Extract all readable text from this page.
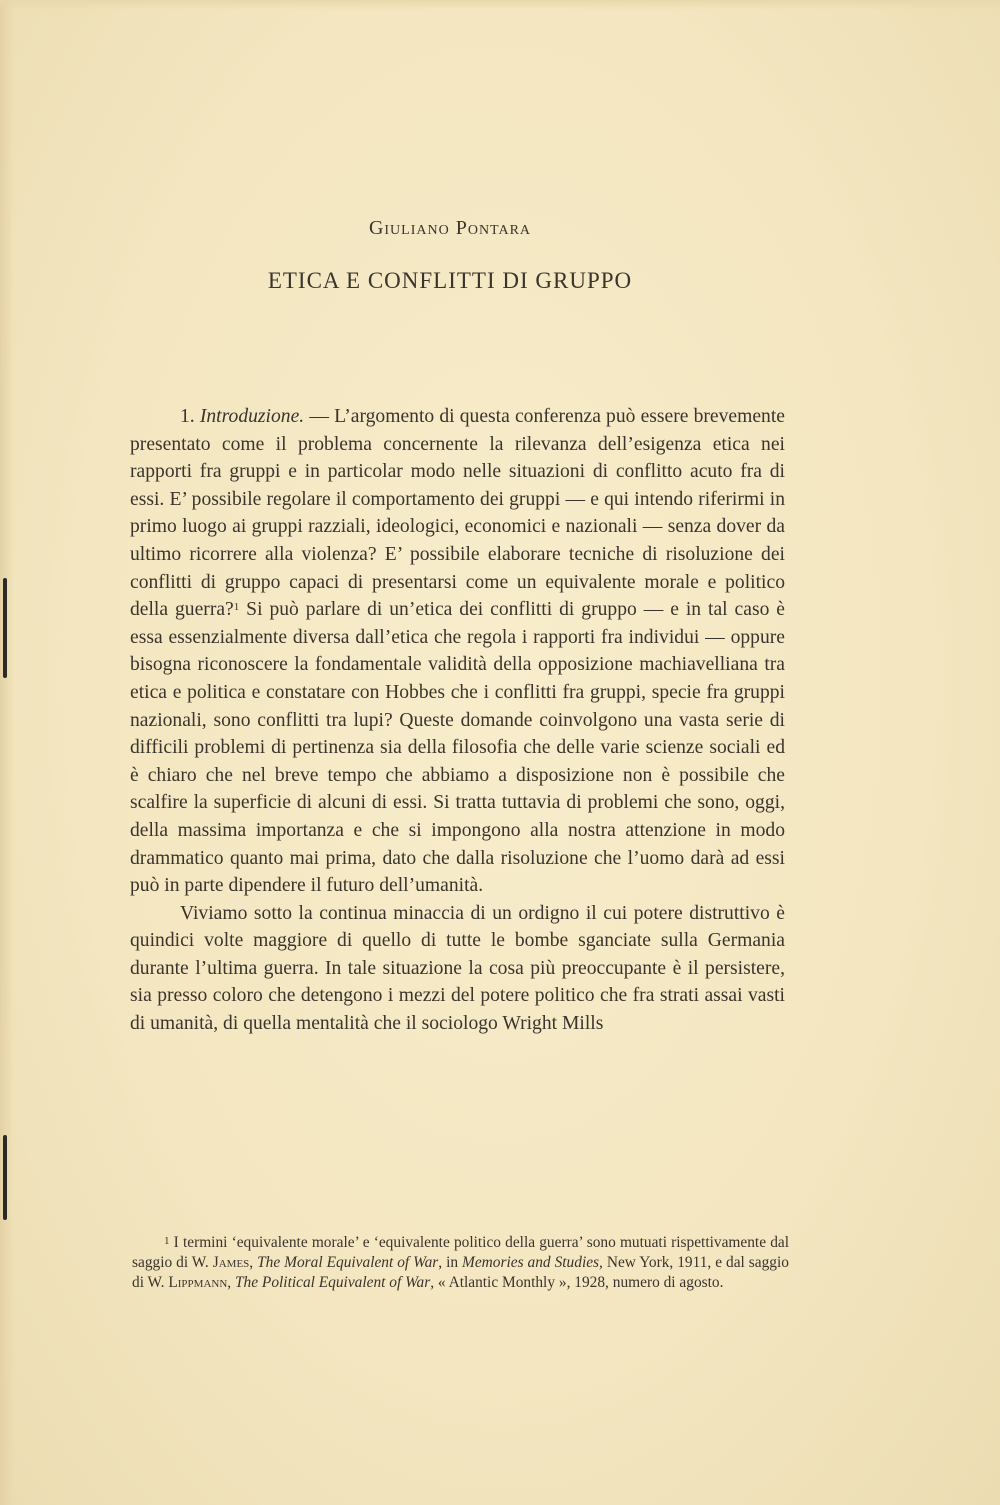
Giuliano Pontara
ETICA E CONFLITTI DI GRUPPO

1. Introduzione. — L’argomento di questa conferenza può essere brevemente presentato come il problema concernente la rilevanza dell’esigenza etica nei rapporti fra gruppi e in particolar modo nelle situazioni di conflitto acuto fra di essi. E’ possibile regolare il comportamento dei gruppi — e qui intendo riferirmi in primo luogo ai gruppi razziali, ideologici, economici e nazionali — senza dover da ultimo ricorrere alla violenza? E’ possibile elaborare tecniche di risoluzione dei conflitti di gruppo capaci di presentarsi come un equivalente morale e politico della guerra?$^1$ Si può parlare di un’etica dei conflitti di gruppo — e in tal caso è essa essenzialmente diversa dall’etica che regola i rapporti fra individui — oppure bisogna riconoscere la fondamentale validità della opposizione machiavelliana tra etica e politica e constatare con Hobbes che i conflitti fra gruppi, specie fra gruppi nazionali, sono conflitti tra lupi? Queste domande coinvolgono una vasta serie di difficili problemi di pertinenza sia della filosofia che delle varie scienze sociali ed è chiaro che nel breve tempo che abbiamo a disposizione non è possibile che scalfire la superficie di alcuni di essi. Si tratta tuttavia di problemi che sono, oggi, della massima importanza e che si impongono alla nostra attenzione in modo drammatico quanto mai prima, dato che dalla risoluzione che l’uomo darà ad essi può in parte dipendere il futuro dell’umanità.

Viviamo sotto la continua minaccia di un ordigno il cui potere distruttivo è quindici volte maggiore di quello di tutte le bombe sganciate sulla Germania durante l’ultima guerra. In tale situazione la cosa più preoccupante è il persistere, sia presso coloro che detengono i mezzi del potere politico che fra strati assai vasti di umanità, di quella mentalità che il sociologo Wright Mills

$^1$ I termini ‘equivalente morale’ e ‘equivalente politico della guerra’ sono mutuati rispettivamente dal saggio di W. James, The Moral Equivalent of War, in Memories and Studies, New York, 1911, e dal saggio di W. Lippmann, The Political Equivalent of War, « Atlantic Monthly », 1928, numero di agosto.
